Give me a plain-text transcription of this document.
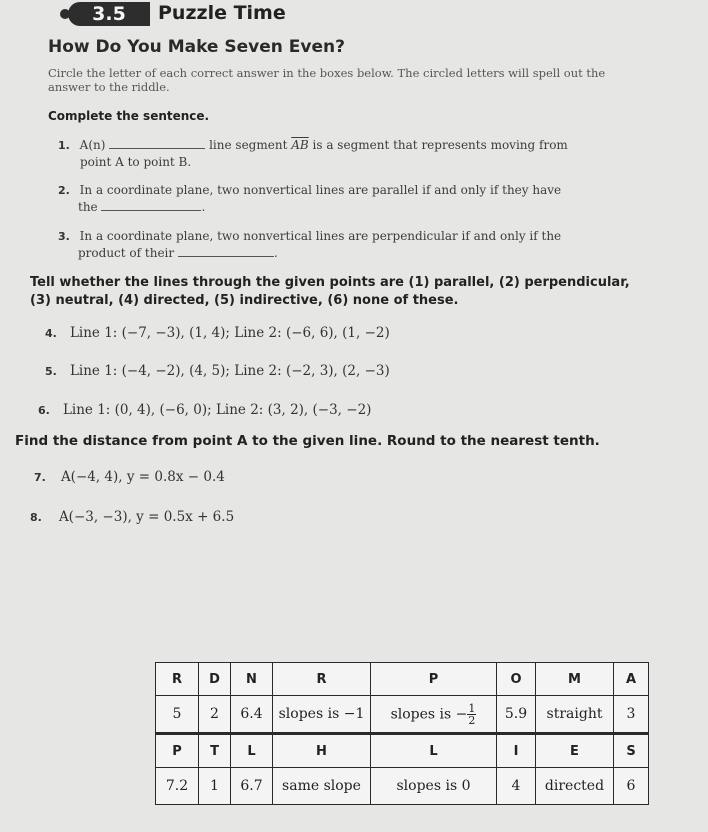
3.5	Puzzle Time
How Do You Make Seven Even?
Circle the letter of each correct answer in the boxes below. The circled letters will spell out the answer to the riddle.
Complete the sentence.
1. A(n)	line segment $\overline{AB}$ is a segment that represents moving from
point A to point B.
2. In a coordinate plane, two nonvertical lines are parallel if and only if they have
the	.
3. In a coordinate plane, two nonvertical lines are perpendicular if and only if the
product of their	.
Tell whether the lines through the given points are (1) parallel, (2) perpendicular, (3) neutral, (4) directed, (5) indirective, (6) none of these.
4. Line 1: (−7, −3), (1, 4); Line 2: (−6, 6), (1, −2)
5. Line 1: (−4, −2), (4, 5); Line 2: (−2, 3), (2, −3)
6. Line 1: (0, 4), (−6, 0); Line 2: (3, 2), (−3, −2)
Find the distance from point A to the given line. Round to the nearest tenth.
7. A(−4, 4), y = 0.8x − 0.4
8. A(−3, −3), y = 0.5x + 6.5
R	D	N	R	P	O	M	A
5	2	6.4	slopes is −1	slopes is − $\frac{1}{2}$	5.9	straight	3
P	T	L	H	L	I	E	S
7.2	1	6.7	same slope	slopes is 0	4	directed	6
